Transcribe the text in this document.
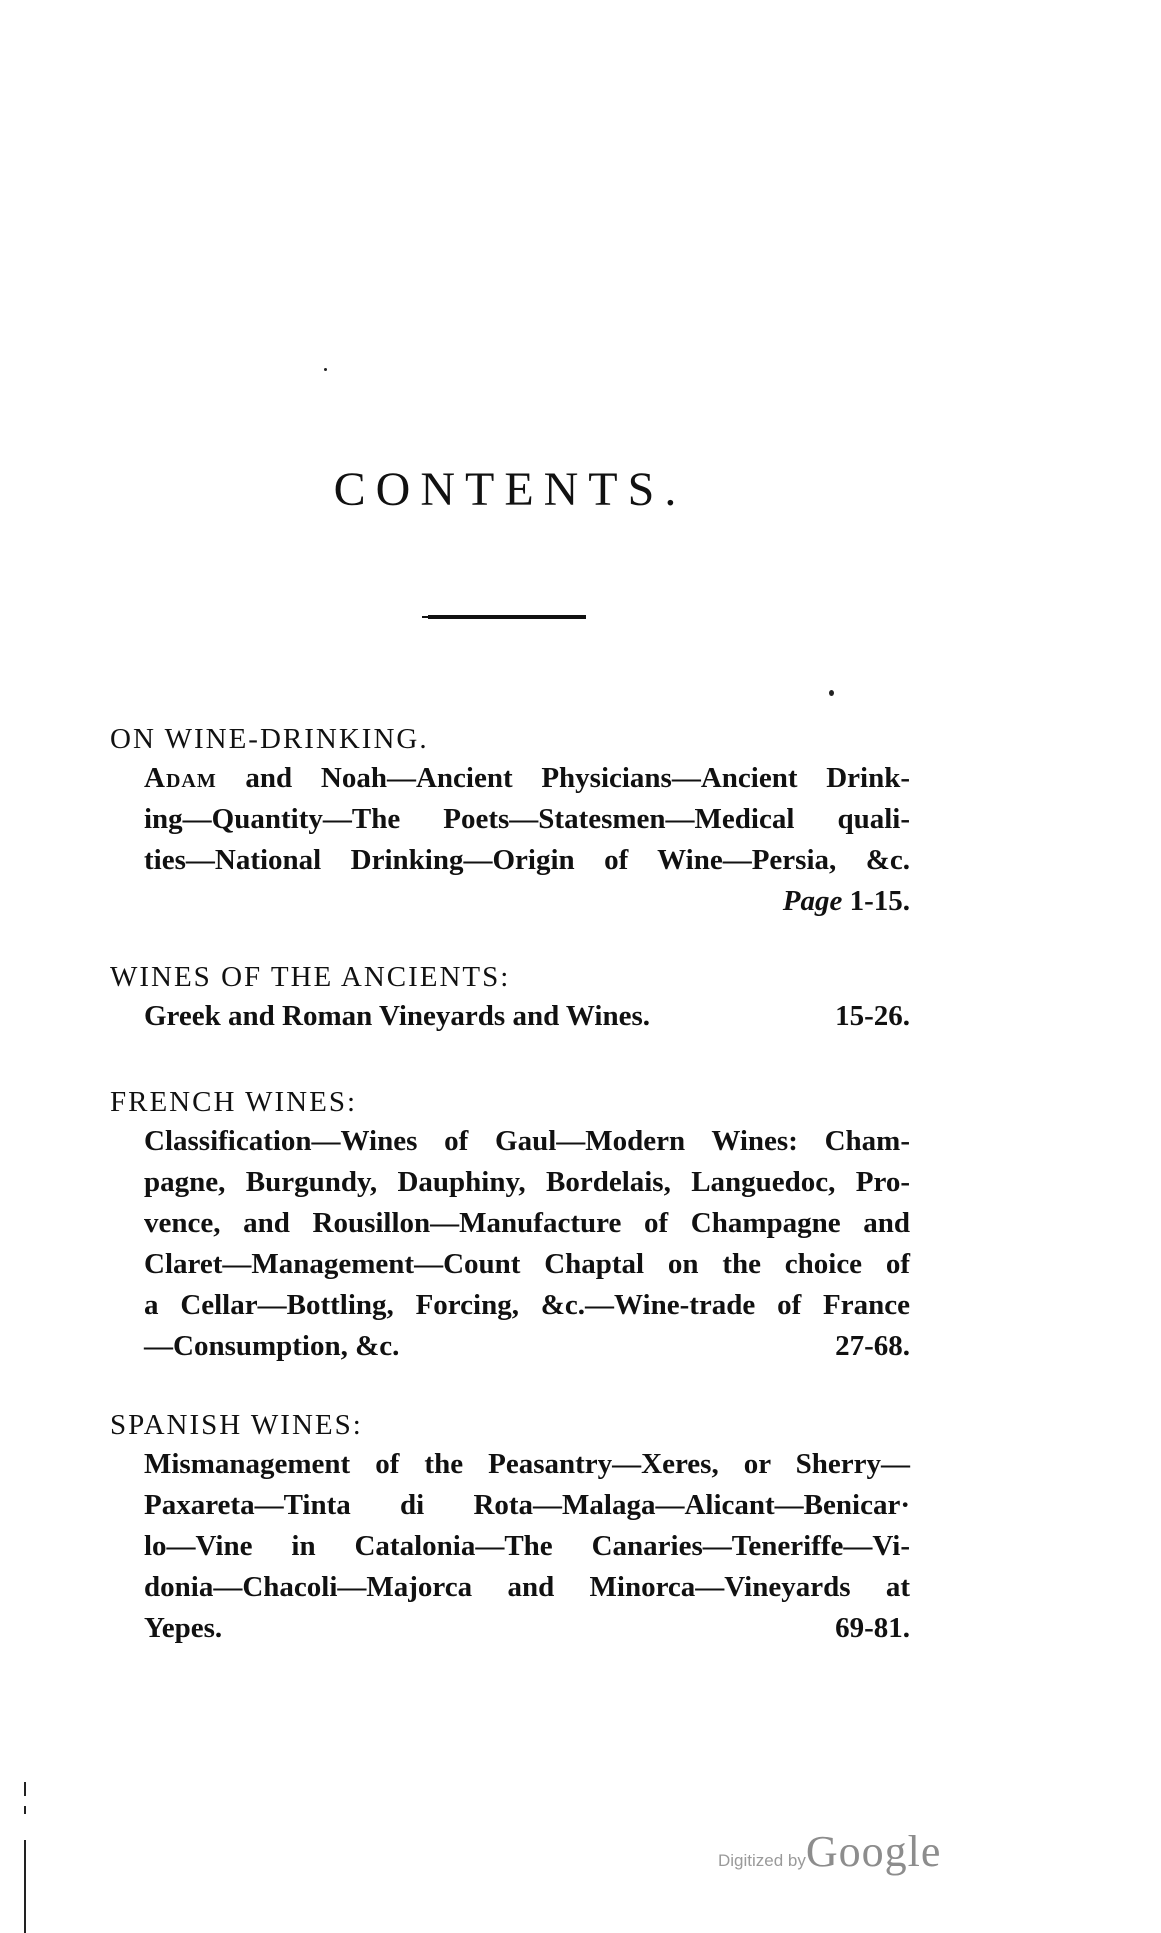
CONTENTS.
ON WINE-DRINKING.
Adam and Noah—Ancient Physicians—Ancient Drink-
ing—Quantity—The Poets—Statesmen—Medical quali-
ties—National Drinking—Origin of Wine—Persia, &c.
Page 1-15.
WINES OF THE ANCIENTS:
Greek and Roman Vineyards and Wines.	15-26.
FRENCH WINES:
Classification—Wines of Gaul—Modern Wines: Cham-
pagne, Burgundy, Dauphiny, Bordelais, Languedoc, Pro-
vence, and Rousillon—Manufacture of Champagne and
Claret—Management—Count Chaptal on the choice of
a Cellar—Bottling, Forcing, &c.—Wine-trade of France
—Consumption, &c.	27-68.
SPANISH WINES:
Mismanagement of the Peasantry—Xeres, or Sherry—
Paxareta—Tinta di Rota—Malaga—Alicant—Benicar·
lo—Vine in Catalonia—The Canaries—Teneriffe—Vi-
donia—Chacoli—Majorca and Minorca—Vineyards at
Yepes.	69-81.
Digitized byGoogle
